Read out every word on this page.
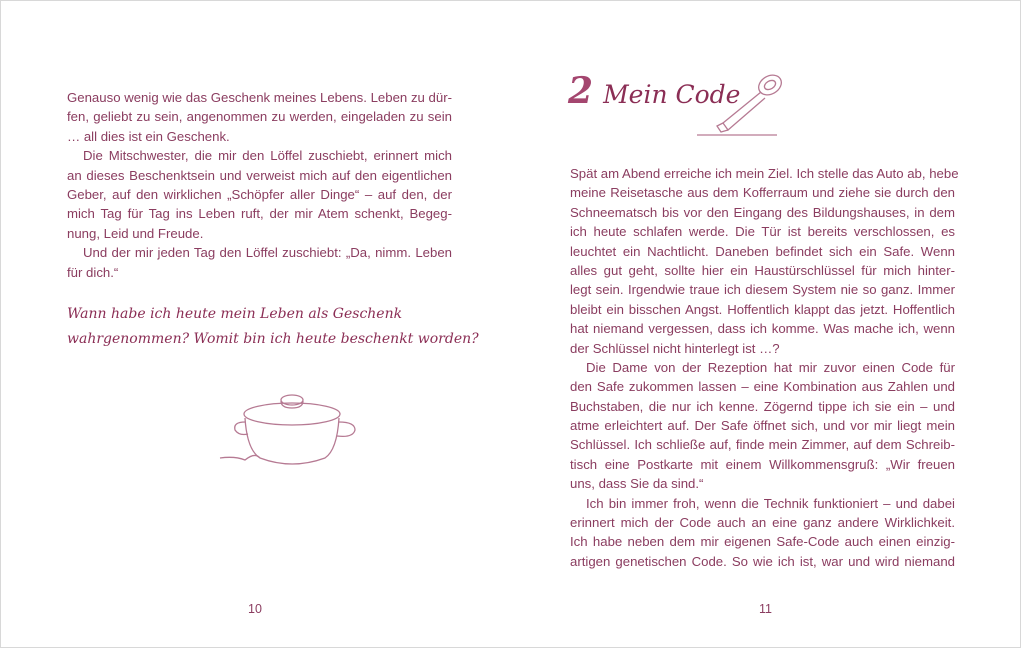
Genauso wenig wie das Geschenk meines Lebens. Leben zu dür-
fen, geliebt zu sein, angenommen zu werden, eingeladen zu sein
… all dies ist ein Geschenk.
Die Mitschwester, die mir den Löffel zuschiebt, erinnert mich
an dieses Beschenktsein und verweist mich auf den eigentlichen
Geber, auf den wirklichen „Schöpfer aller Dinge“ – auf den, der
mich Tag für Tag ins Leben ruft, der mir Atem schenkt, Begeg-
nung, Leid und Freude.
Und der mir jeden Tag den Löffel zuschiebt: „Da, nimm. Leben
für dich.“
Wann habe ich heute mein Leben als Geschenk
wahrgenommen? Womit bin ich heute beschenkt worden?
10
2 Mein Code
Spät am Abend erreiche ich mein Ziel. Ich stelle das Auto ab, hebe
meine Reisetasche aus dem Kofferraum und ziehe sie durch den
Schneematsch bis vor den Eingang des Bildungshauses, in dem
ich heute schlafen werde. Die Tür ist bereits verschlossen, es
leuchtet ein Nachtlicht. Daneben befindet sich ein Safe. Wenn
alles gut geht, sollte hier ein Haustürschlüssel für mich hinter-
legt sein. Irgendwie traue ich diesem System nie so ganz. Immer
bleibt ein bisschen Angst. Hoffentlich klappt das jetzt. Hoffentlich
hat niemand vergessen, dass ich komme. Was mache ich, wenn
der Schlüssel nicht hinterlegt ist …?
Die Dame von der Rezeption hat mir zuvor einen Code für
den Safe zukommen lassen – eine Kombination aus Zahlen und
Buchstaben, die nur ich kenne. Zögernd tippe ich sie ein – und
atme erleichtert auf. Der Safe öffnet sich, und vor mir liegt mein
Schlüssel. Ich schließe auf, finde mein Zimmer, auf dem Schreib-
tisch eine Postkarte mit einem Willkommensgruß: „Wir freuen
uns, dass Sie da sind.“
Ich bin immer froh, wenn die Technik funktioniert – und dabei
erinnert mich der Code auch an eine ganz andere Wirklichkeit.
Ich habe neben dem mir eigenen Safe-Code auch einen einzig-
artigen genetischen Code. So wie ich ist, war und wird niemand
11
